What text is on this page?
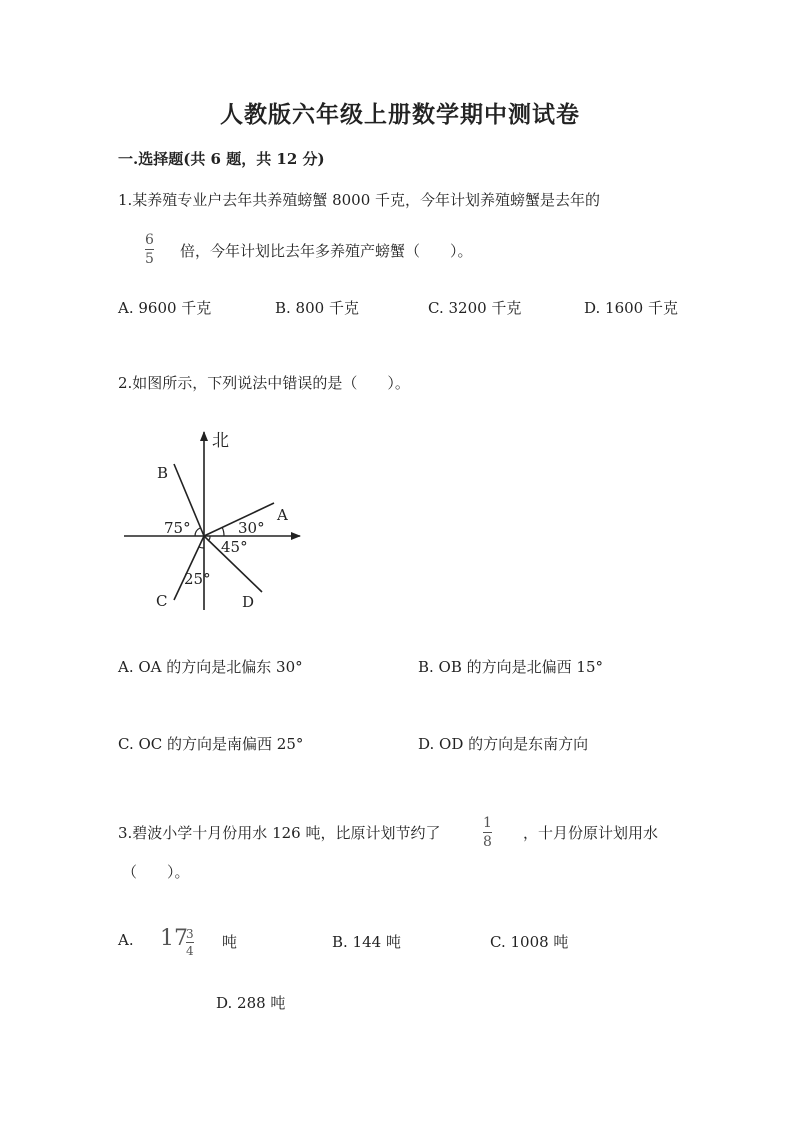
人教版六年级上册数学期中测试卷
一.选择题(共 6 题，共 12 分)
1.某养殖专业户去年共养殖螃蟹 8000 千克，今年计划养殖螃蟹是去年的
6
5 倍，今年计划比去年多养殖产螃蟹（　　）。
A. 9600 千克	B. 800 千克	C. 3200 千克	D. 1600 千克
2.如图所示，下列说法中错误的是（　　）。
北
B
A
C	D
75°	30°
45°
25°
A. OA 的方向是北偏东 30°	B. OB 的方向是北偏西 15°
C. OC 的方向是南偏西 25°	D. OD 的方向是东南方向
3.碧波小学十月份用水 126 吨，比原计划节约了
1
8 ，十月份原计划用水
（　　）。
A. 17
3
4 吨	B. 144 吨	C. 1008 吨
D. 288 吨
